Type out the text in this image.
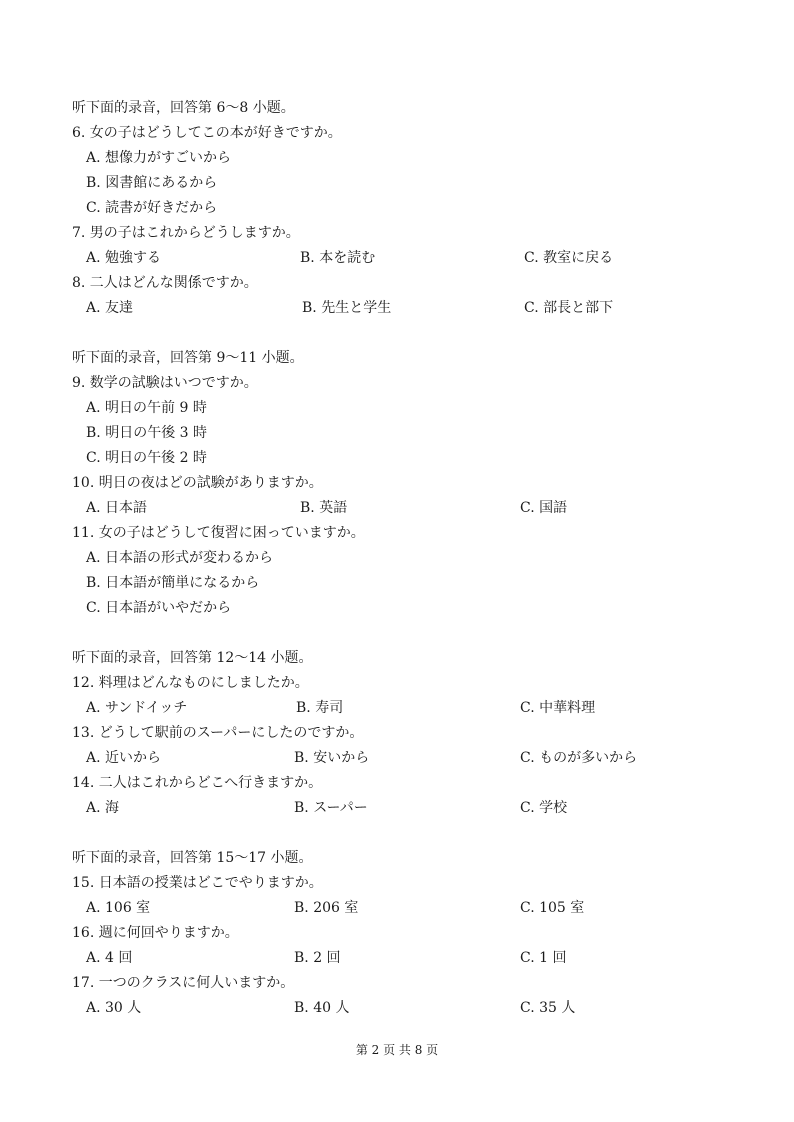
听下面的录音，回答第 6～8 小题。
6. 女の子はどうしてこの本が好きですか。
A. 想像力がすごいから
B. 図書館にあるから
C. 読書が好きだから
7. 男の子はこれからどうしますか。
A. 勉強する	B. 本を読む	C. 教室に戻る
8. 二人はどんな関係ですか。
A. 友達	B. 先生と学生	C. 部長と部下
听下面的录音，回答第 9～11 小题。
9. 数学の試験はいつですか。
A. 明日の午前 9 時
B. 明日の午後 3 時
C. 明日の午後 2 時
10. 明日の夜はどの試験がありますか。
A. 日本語	B. 英語	C. 国語
11. 女の子はどうして復習に困っていますか。
A. 日本語の形式が変わるから
B. 日本語が簡単になるから
C. 日本語がいやだから
听下面的录音，回答第 12～14 小题。
12. 料理はどんなものにしましたか。
A. サンドイッチ	B. 寿司	C. 中華料理
13. どうして駅前のスーパーにしたのですか。
A. 近いから	B. 安いから	C. ものが多いから
14. 二人はこれからどこへ行きますか。
A. 海	B. スーパー	C. 学校
听下面的录音，回答第 15～17 小题。
15. 日本語の授業はどこでやりますか。
A. 106 室	B. 206 室	C. 105 室
16. 週に何回やりますか。
A. 4 回	B. 2 回	C. 1 回
17. 一つのクラスに何人いますか。
A. 30 人	B. 40 人	C. 35 人
第 2 页 共 8 页
